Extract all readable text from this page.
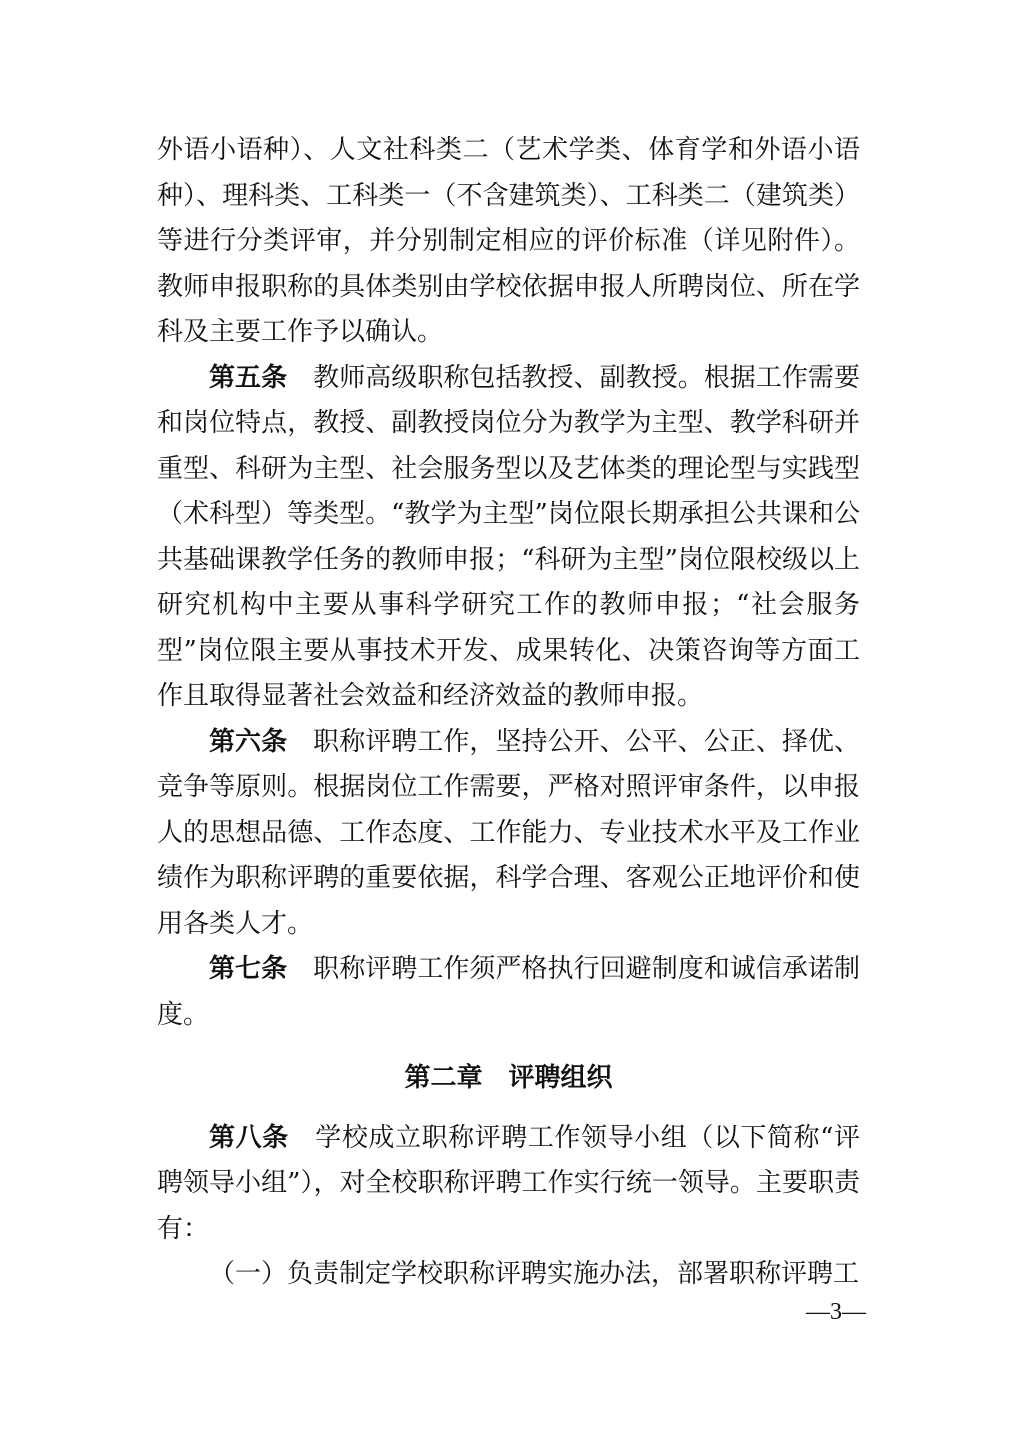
外语小语种）、人文社科类二（艺术学类、体育学和外语小语种）、理科类、工科类一（不含建筑类）、工科类二（建筑类）等进行分类评审，并分别制定相应的评价标准（详见附件）。教师申报职称的具体类别由学校依据申报人所聘岗位、所在学科及主要工作予以确认。

第五条 教师高级职称包括教授、副教授。根据工作需要和岗位特点，教授、副教授岗位分为教学为主型、教学科研并重型、科研为主型、社会服务型以及艺体类的理论型与实践型（术科型）等类型。“教学为主型”岗位限长期承担公共课和公共基础课教学任务的教师申报；“科研为主型”岗位限校级以上研究机构中主要从事科学研究工作的教师申报；“社会服务型”岗位限主要从事技术开发、成果转化、决策咨询等方面工作且取得显著社会效益和经济效益的教师申报。

第六条 职称评聘工作，坚持公开、公平、公正、择优、竞争等原则。根据岗位工作需要，严格对照评审条件，以申报人的思想品德、工作态度、工作能力、专业技术水平及工作业绩作为职称评聘的重要依据，科学合理、客观公正地评价和使用各类人才。

第七条 职称评聘工作须严格执行回避制度和诚信承诺制度。

第二章　评聘组织

第八条 学校成立职称评聘工作领导小组（以下简称“评聘领导小组”），对全校职称评聘工作实行统一领导。主要职责有：

（一）负责制定学校职称评聘实施办法，部署职称评聘工

—3—
